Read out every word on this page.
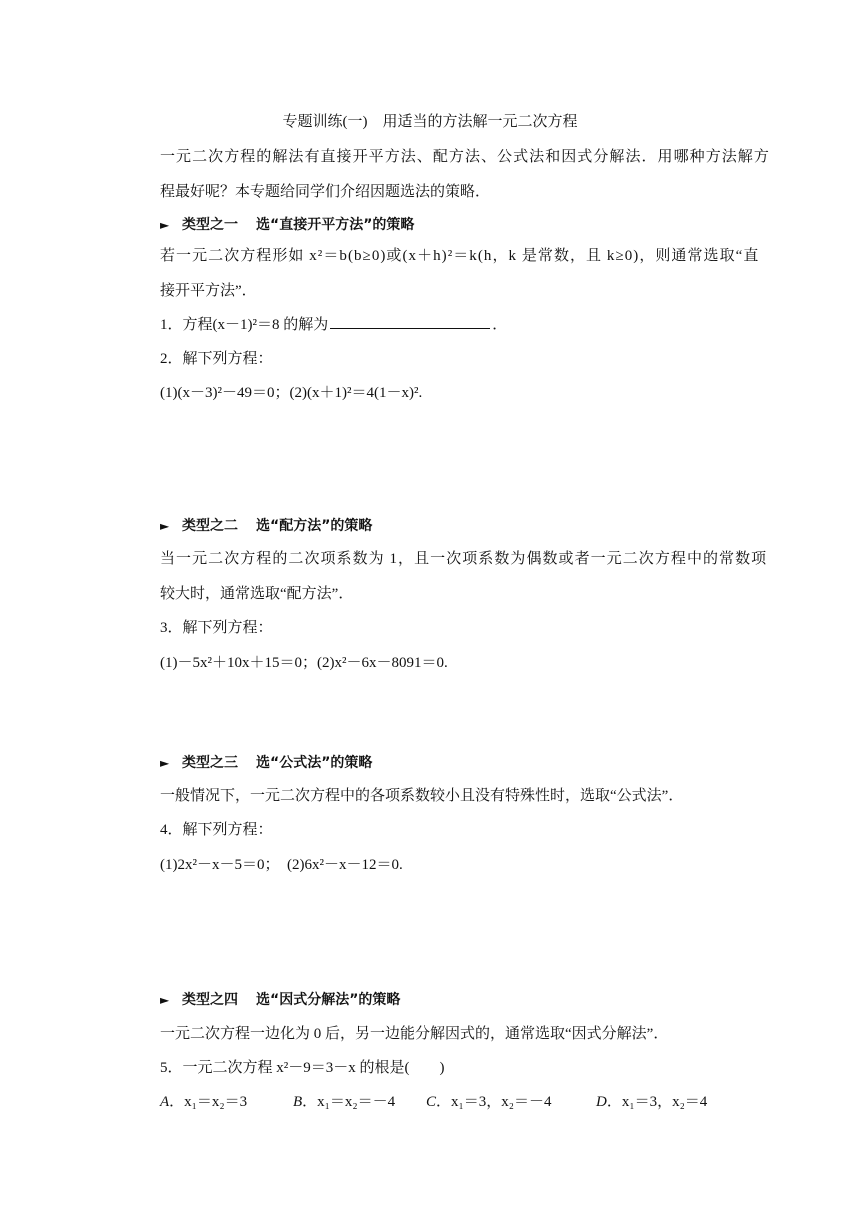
专题训练(一)　用适当的方法解一元二次方程
一元二次方程的解法有直接开平方法、配方法、公式法和因式分解法．用哪种方法解方
程最好呢？本专题给同学们介绍因题选法的策略．
► 类型之一 选“直接开平方法”的策略
若一元二次方程形如 x²＝b(b≥0)或(x＋h)²＝k(h，k 是常数，且 k≥0)，则通常选取“直
接开平方法”．
1．方程(x－1)²＝8 的解为	．
2．解下列方程：
(1)(x－3)²－49＝0；(2)(x＋1)²＝4(1－x)².
► 类型之二 选“配方法”的策略
当一元二次方程的二次项系数为 1，且一次项系数为偶数或者一元二次方程中的常数项
较大时，通常选取“配方法”．
3．解下列方程：
(1)－5x²＋10x＋15＝0；(2)x²－6x－8091＝0.
► 类型之三 选“公式法”的策略
一般情况下，一元二次方程中的各项系数较小且没有特殊性时，选取“公式法”．
4．解下列方程：
(1)2x²－x－5＝0；　(2)6x²－x－12＝0.
► 类型之四 选“因式分解法”的策略
一元二次方程一边化为 0 后，另一边能分解因式的，通常选取“因式分解法”．
5．一元二次方程 x²－9＝3－x 的根是(　　)
A．x₁＝x₂＝3	B．x₁＝x₂＝－4 C．x₁＝3，x₂＝－4	D．x₁＝3，x₂＝4
